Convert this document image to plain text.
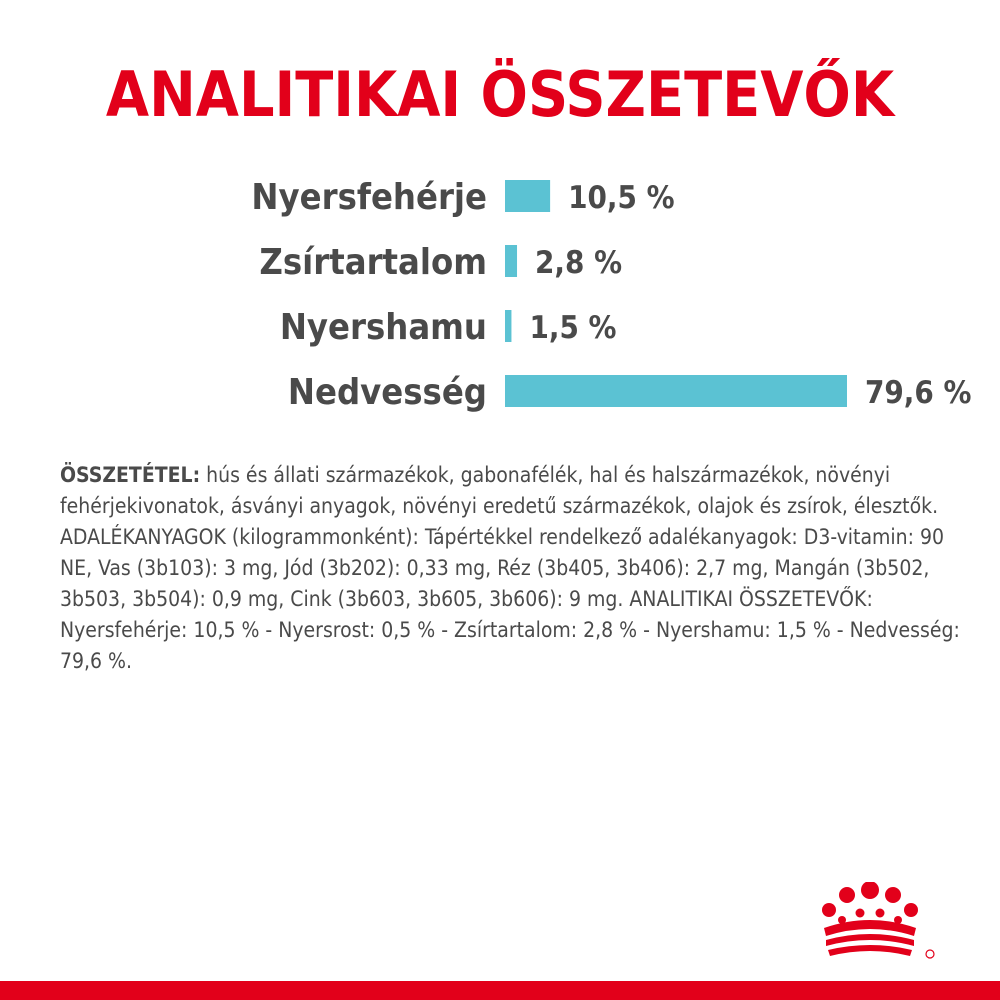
ANALITIKAI ÖSSZETEVŐK
Nyersfehérje	10,5 %
Zsírtartalom 2,8 %
Nyershamu 1,5 %
Nedvesség	79,6 %
ÖSSZETÉTEL: hús és állati származékok, gabonafélék, hal és halszármazékok, növényi fehérjekivonatok, ásványi anyagok, növényi eredetű származékok, olajok és zsírok, élesztők. ADALÉKANYAGOK (kilogrammonként): Tápértékkel rendelkező adalékanyagok: D3-vitamin: 90 NE, Vas (3b103): 3 mg, Jód (3b202): 0,33 mg, Réz (3b405, 3b406): 2,7 mg, Mangán (3b502, 3b503, 3b504): 0,9 mg, Cink (3b603, 3b605, 3b606): 9 mg. ANALITIKAI ÖSSZETEVŐK: Nyersfehérje: 10,5 % - Nyersrost: 0,5 % - Zsírtartalom: 2,8 % - Nyershamu: 1,5 % - Nedvesség: 79,6 %.
